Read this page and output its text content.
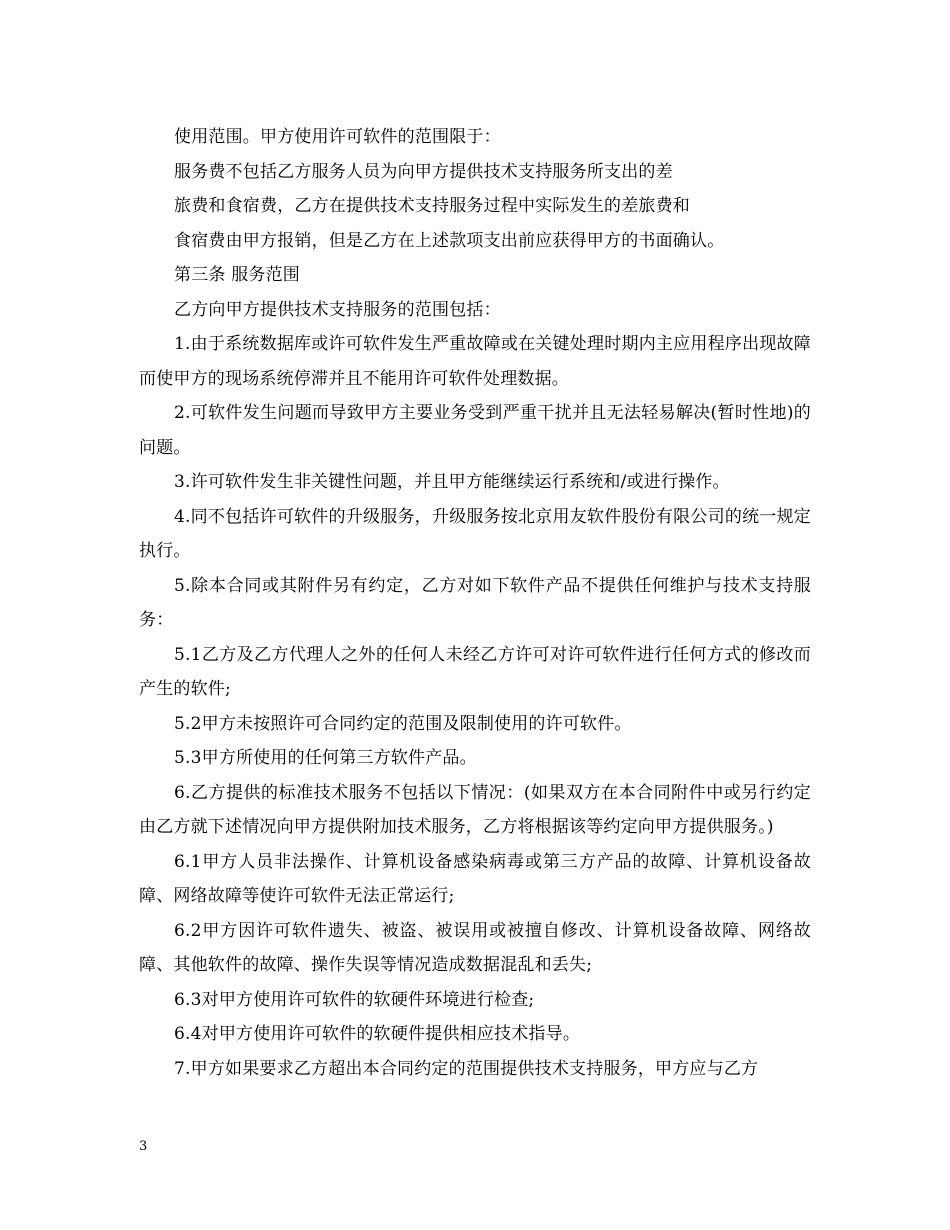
使用范围。甲方使用许可软件的范围限于：

服务费不包括乙方服务人员为向甲方提供技术支持服务所支出的差

旅费和食宿费，乙方在提供技术支持服务过程中实际发生的差旅费和

食宿费由甲方报销，但是乙方在上述款项支出前应获得甲方的书面确认。

第三条 服务范围

乙方向甲方提供技术支持服务的范围包括：

1.由于系统数据库或许可软件发生严重故障或在关键处理时期内主应用程序出现故障而使甲方的现场系统停滞并且不能用许可软件处理数据。

2.可软件发生问题而导致甲方主要业务受到严重干扰并且无法轻易解决(暂时性地)的问题。

3.许可软件发生非关键性问题，并且甲方能继续运行系统和/或进行操作。

4.同不包括许可软件的升级服务，升级服务按北京用友软件股份有限公司的统一规定执行。

5.除本合同或其附件另有约定，乙方对如下软件产品不提供任何维护与技术支持服务：

5.1乙方及乙方代理人之外的任何人未经乙方许可对许可软件进行任何方式的修改而产生的软件;

5.2甲方未按照许可合同约定的范围及限制使用的许可软件。

5.3甲方所使用的任何第三方软件产品。

6.乙方提供的标准技术服务不包括以下情况：(如果双方在本合同附件中或另行约定由乙方就下述情况向甲方提供附加技术服务，乙方将根据该等约定向甲方提供服务。)

6.1甲方人员非法操作、计算机设备感染病毒或第三方产品的故障、计算机设备故障、网络故障等使许可软件无法正常运行;

6.2甲方因许可软件遗失、被盗、被误用或被擅自修改、计算机设备故障、网络故障、其他软件的故障、操作失误等情况造成数据混乱和丢失;

6.3对甲方使用许可软件的软硬件环境进行检查;

6.4对甲方使用许可软件的软硬件提供相应技术指导。

7.甲方如果要求乙方超出本合同约定的范围提供技术支持服务，甲方应与乙方

3
